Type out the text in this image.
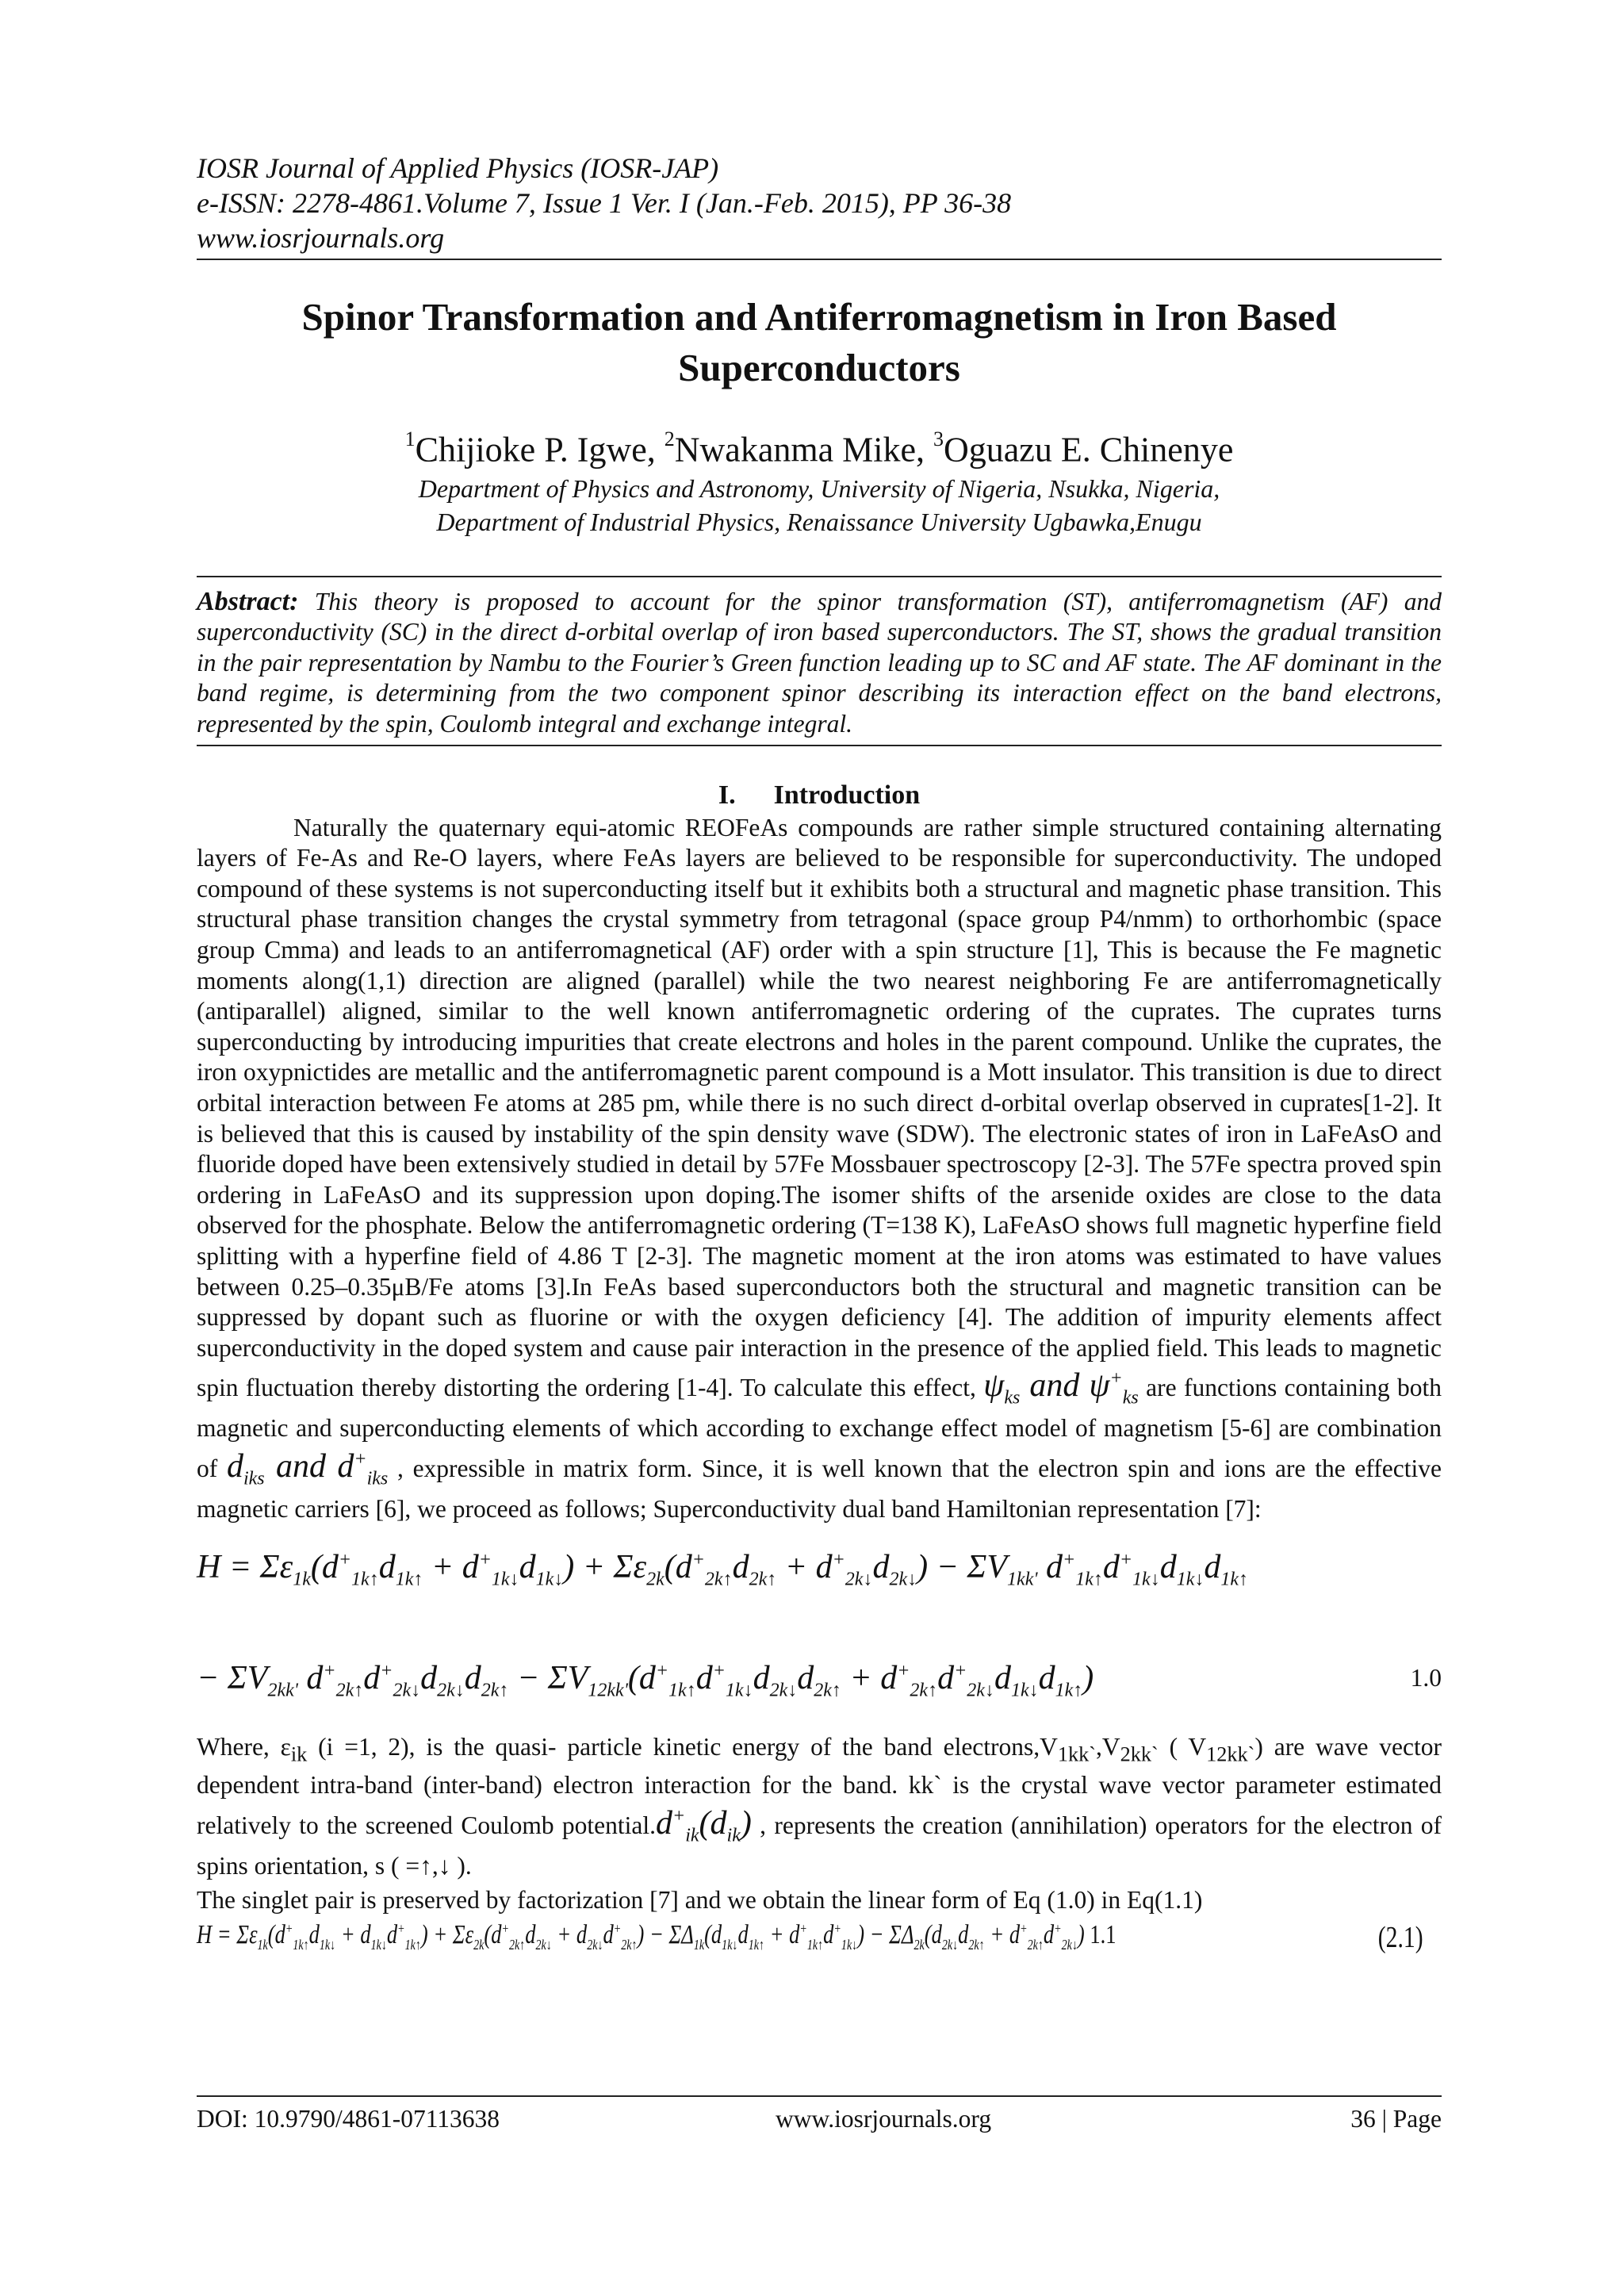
IOSR Journal of Applied Physics (IOSR-JAP)
e-ISSN: 2278-4861.Volume 7, Issue 1 Ver. I (Jan.-Feb. 2015), PP 36-38
www.iosrjournals.org
Spinor Transformation and Antiferromagnetism in Iron Based Superconductors
$^1$Chijioke P. Igwe, $^2$Nwakanma Mike, $^3$Oguazu E. Chinenye
Department of Physics and Astronomy, University of Nigeria, Nsukka, Nigeria,
Department of Industrial Physics, Renaissance University Ugbawka,Enugu
Abstract: This theory is proposed to account for the spinor transformation (ST), antiferromagnetism (AF) and superconductivity (SC) in the direct d-orbital overlap of iron based superconductors. The ST, shows the gradual transition in the pair representation by Nambu to the Fourier’s Green function leading up to SC and AF state. The AF dominant in the band regime, is determining from the two component spinor describing its interaction effect on the band electrons, represented by the spin, Coulomb integral and exchange integral.
I. Introduction
Naturally the quaternary equi-atomic REOFeAs compounds are rather simple structured containing alternating layers of Fe-As and Re-O layers, where FeAs layers are believed to be responsible for superconductivity. The undoped compound of these systems is not superconducting itself but it exhibits both a structural and magnetic phase transition. This structural phase transition changes the crystal symmetry from tetragonal (space group P4/nmm) to orthorhombic (space group Cmma) and leads to an antiferromagnetical (AF) order with a spin structure [1], This is because the Fe magnetic moments along(1,1) direction are aligned (parallel) while the two nearest neighboring Fe are antiferromagnetically (antiparallel) aligned, similar to the well known antiferromagnetic ordering of the cuprates. The cuprates turns superconducting by introducing impurities that create electrons and holes in the parent compound. Unlike the cuprates, the iron oxypnictides are metallic and the antiferromagnetic parent compound is a Mott insulator. This transition is due to direct orbital interaction between Fe atoms at 285 pm, while there is no such direct d-orbital overlap observed in cuprates[1-2]. It is believed that this is caused by instability of the spin density wave (SDW). The electronic states of iron in LaFeAsO and fluoride doped have been extensively studied in detail by 57Fe Mossbauer spectroscopy [2-3]. The 57Fe spectra proved spin ordering in LaFeAsO and its suppression upon doping.The isomer shifts of the arsenide oxides are close to the data observed for the phosphate. Below the antiferromagnetic ordering (T=138 K), LaFeAsO shows full magnetic hyperfine field splitting with a hyperfine field of 4.86 T [2-3]. The magnetic moment at the iron atoms was estimated to have values between 0.25–0.35μB/Fe atoms [3].In FeAs based superconductors both the structural and magnetic transition can be suppressed by dopant such as fluorine or with the oxygen deficiency [4]. The addition of impurity elements affect superconductivity in the doped system and cause pair interaction in the presence of the applied field. This leads to magnetic spin fluctuation thereby distorting the ordering [1-4]. To calculate this effect, $\psi_{ks}$ and $\psi^+_{ks}$ are functions containing both magnetic and superconducting elements of which according to exchange effect model of magnetism [5-6] are combination of $d_{iks}$ and $d^+_{iks}$ , expressible in matrix form. Since, it is well known that the electron spin and ions are the effective magnetic carriers [6], we proceed as follows; Superconductivity dual band Hamiltonian representation [7]:
$H = \Sigma\varepsilon_{1k}(d^+_{1k↑}d_{1k↑} + d^+_{1k↓}d_{1k↓}) + \Sigma\varepsilon_{2k}(d^+_{2k↑}d_{2k↑} + d^+_{2k↓}d_{2k↓}) - \Sigma V_{1kk'}$ $d^+_{1k↑}d^+_{1k↓}d_{1k↓}d_{1k↑}$
− $\Sigma V_{2kk'}$ $d^+_{2k↑}d^+_{2k↓}d_{2k↓}d_{2k↑} - \Sigma V_{12kk'}(d^+_{1k↑}d^+_{1k↓}d_{2k↓}d_{2k↑} + d^+_{2k↑}d^+_{2k↓}d_{1k↓}d_{1k↑})$	1.0
Where, $\varepsilon_{ik}$ (i =1, 2), is the quasi- particle kinetic energy of the band $electrons,V_{1kk`},V_{2kk`}$ ( $V_{12kk`}$) are wave vector dependent intra-band (inter-band) electron interaction for the band. kk` is the crystal wave vector parameter estimated relatively to the screened Coulomb $potential.d^+_{ik}(d_{ik})$ , represents the creation (annihilation) operators for the electron of spins orientation, s ( =↑,↓ ).
The singlet pair is preserved by factorization [7] and we obtain the linear form of Eq (1.0) in Eq(1.1)
$H = \Sigma\varepsilon_{1k}(d^+_{1k↑}d_{1k↓} + d_{1k↓}d^+_{1k↑}) + \Sigma\varepsilon_{2k}(d^+_{2k↑}d_{2k↓} + d_{2k↓}d^+_{2k↑}) - \Sigma\Delta_{1k}(d_{1k↓}d_{1k↑} + d^+_{1k↑}d^+_{1k↓}) - \Sigma\Delta_{2k}(d_{2k↓}d_{2k↑} + d^+_{2k↑}d^+_{2k↓})$ 1.1	(2.1)
DOI: 10.9790/4861-07113638	www.iosrjournals.org	36 | Page
